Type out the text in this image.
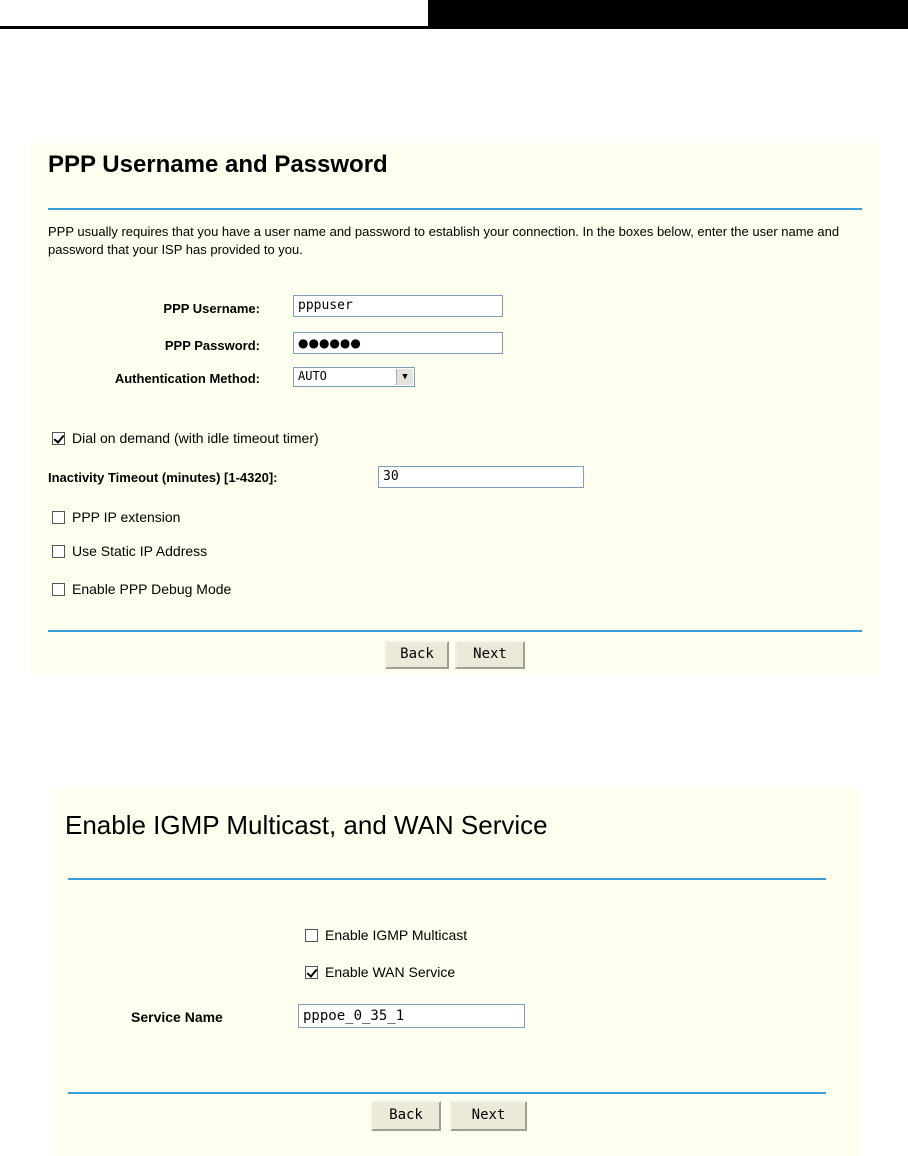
PPP Username and Password

PPP usually requires that you have a user name and password to establish your connection. In the boxes below, enter the user name and password that your ISP has provided to you.

PPP Username:	pppuser
PPP Password:	●●●●●●
Authentication Method:	AUTO	▼
Dial on demand (with idle timeout timer)
Inactivity Timeout (minutes) [1-4320]:	30
PPP IP extension
Use Static IP Address
Enable PPP Debug Mode
Back	Next
Enable IGMP Multicast, and WAN Service
Enable IGMP Multicast
Enable WAN Service
Service Name	pppoe_0_35_1
Back	Next
